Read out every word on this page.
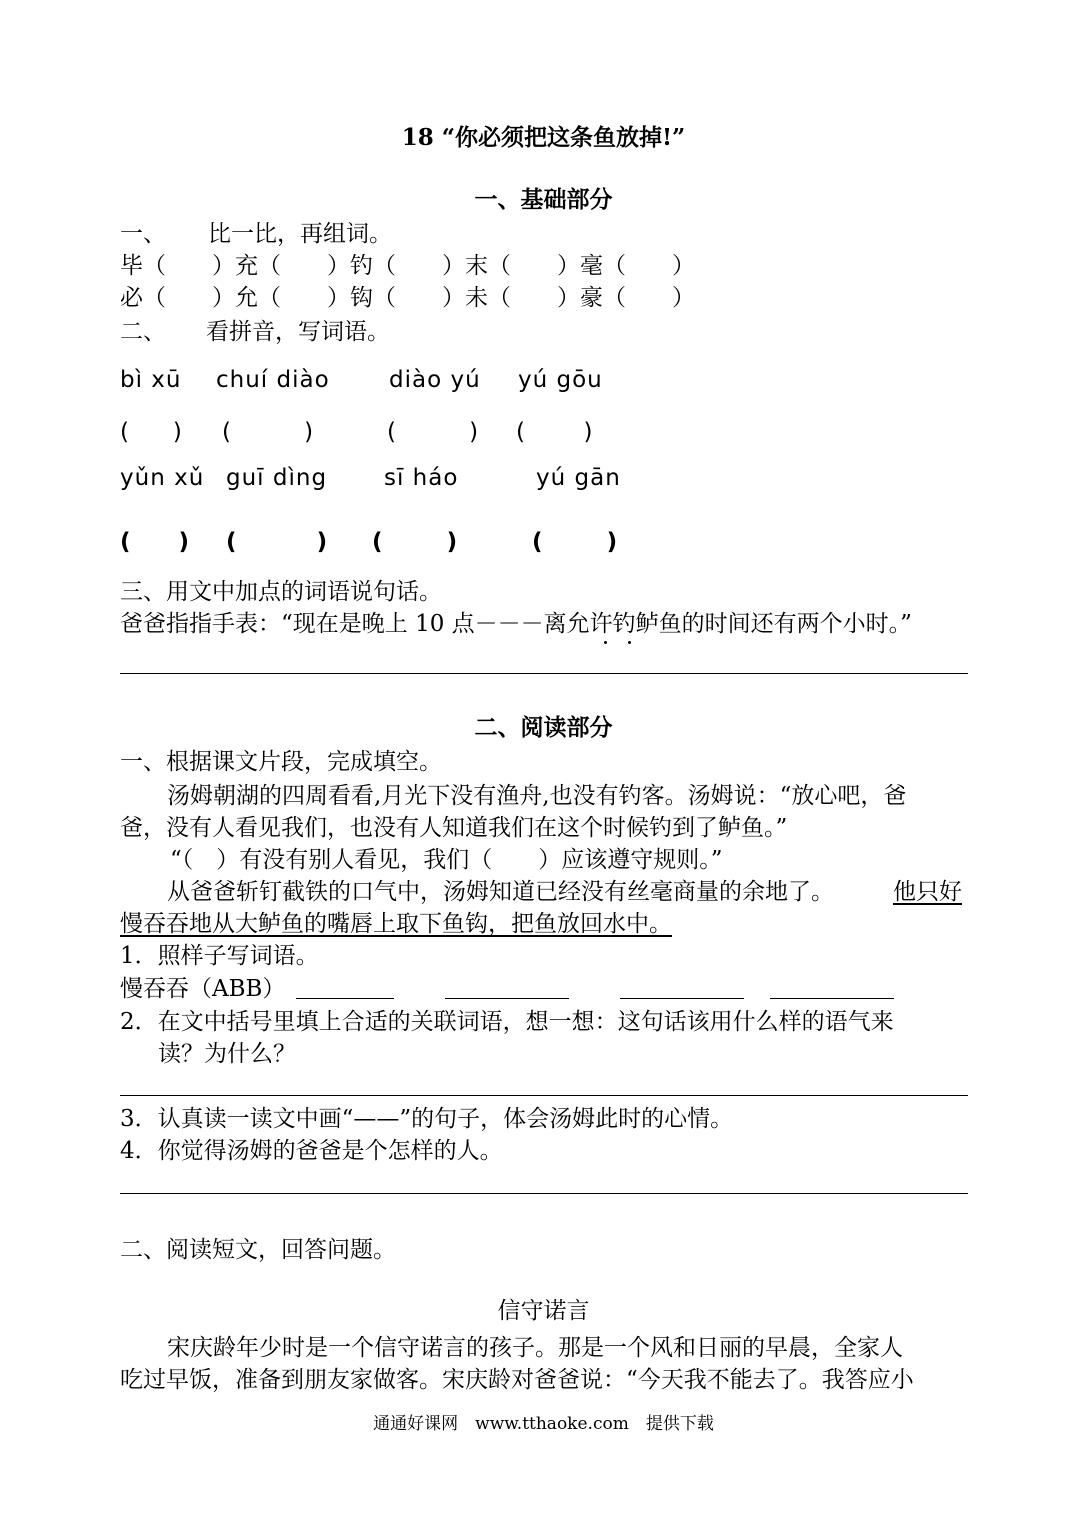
18 “你必须把这条鱼放掉!”
一、基础部分
一、 比一比，再组词。
毕（　　）充（　　）钓（　　）末（　　）毫（　　）
必（　　）允（　　）钩（　　）未（　　）豪（　　）
二、 看拼音，写词语。
bì xū chuí diào	diào yú yú gōu
(      ) (          )	(          ) (        )
yǔn xǔ guī dìng sī háo	yú gān
(      ) (          ) (        )	(        )
三、用文中加点的词语说句话。
爸爸指指手表：“现在是晚上 10 点－－－离允许钓鲈鱼的时间还有两个小时。”
二、阅读部分
一、根据课文片段，完成填空。
汤姆朝湖的四周看看,月光下没有渔舟,也没有钓客。汤姆说：“放心吧，爸
爸，没有人看见我们，也没有人知道我们在这个时候钓到了鲈鱼。”
“（　）有没有别人看见，我们（　　）应该遵守规则。”
从爸爸斩钉截铁的口气中，汤姆知道已经没有丝毫商量的余地了。	他只好
慢吞吞地从大鲈鱼的嘴唇上取下鱼钩，把鱼放回水中。
1．照样子写词语。
慢吞吞（ABB）
2．在文中括号里填上合适的关联词语，想一想：这句话该用什么样的语气来
读？为什么？
3．认真读一读文中画“——”的句子，体会汤姆此时的心情。
4．你觉得汤姆的爸爸是个怎样的人。
二、阅读短文，回答问题。
信守诺言
宋庆龄年少时是一个信守诺言的孩子。那是一个风和日丽的早晨，全家人
吃过早饭，准备到朋友家做客。宋庆龄对爸爸说：“今天我不能去了。我答应小
通通好课网　www.tthaoke.com　提供下载
